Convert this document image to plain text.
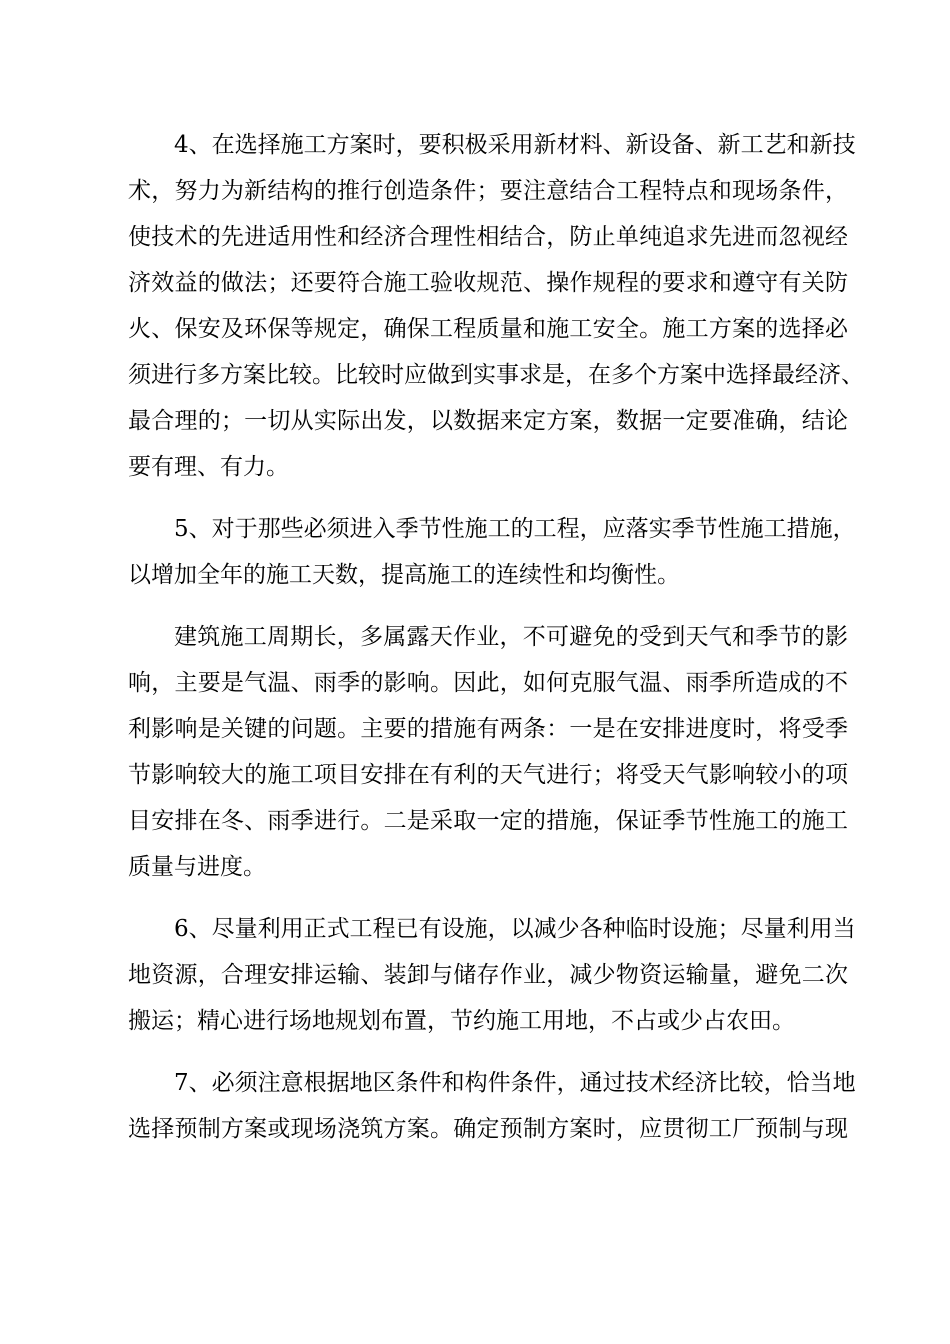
4、在选择施工方案时，要积极采用新材料、新设备、新工艺和新技
术，努力为新结构的推行创造条件；要注意结合工程特点和现场条件，
使技术的先进适用性和经济合理性相结合，防止单纯追求先进而忽视经
济效益的做法；还要符合施工验收规范、操作规程的要求和遵守有关防
火、保安及环保等规定，确保工程质量和施工安全。施工方案的选择必
须进行多方案比较。比较时应做到实事求是，在多个方案中选择最经济、
最合理的；一切从实际出发，以数据来定方案，数据一定要准确，结论
要有理、有力。
5、对于那些必须进入季节性施工的工程，应落实季节性施工措施，
以增加全年的施工天数，提高施工的连续性和均衡性。
建筑施工周期长，多属露天作业，不可避免的受到天气和季节的影
响，主要是气温、雨季的影响。因此，如何克服气温、雨季所造成的不
利影响是关键的问题。主要的措施有两条：一是在安排进度时，将受季
节影响较大的施工项目安排在有利的天气进行；将受天气影响较小的项
目安排在冬、雨季进行。二是采取一定的措施，保证季节性施工的施工
质量与进度。
6、尽量利用正式工程已有设施，以减少各种临时设施；尽量利用当
地资源，合理安排运输、装卸与储存作业，减少物资运输量，避免二次
搬运；精心进行场地规划布置，节约施工用地，不占或少占农田。
7、必须注意根据地区条件和构件条件，通过技术经济比较，恰当地
选择预制方案或现场浇筑方案。确定预制方案时，应贯彻工厂预制与现
